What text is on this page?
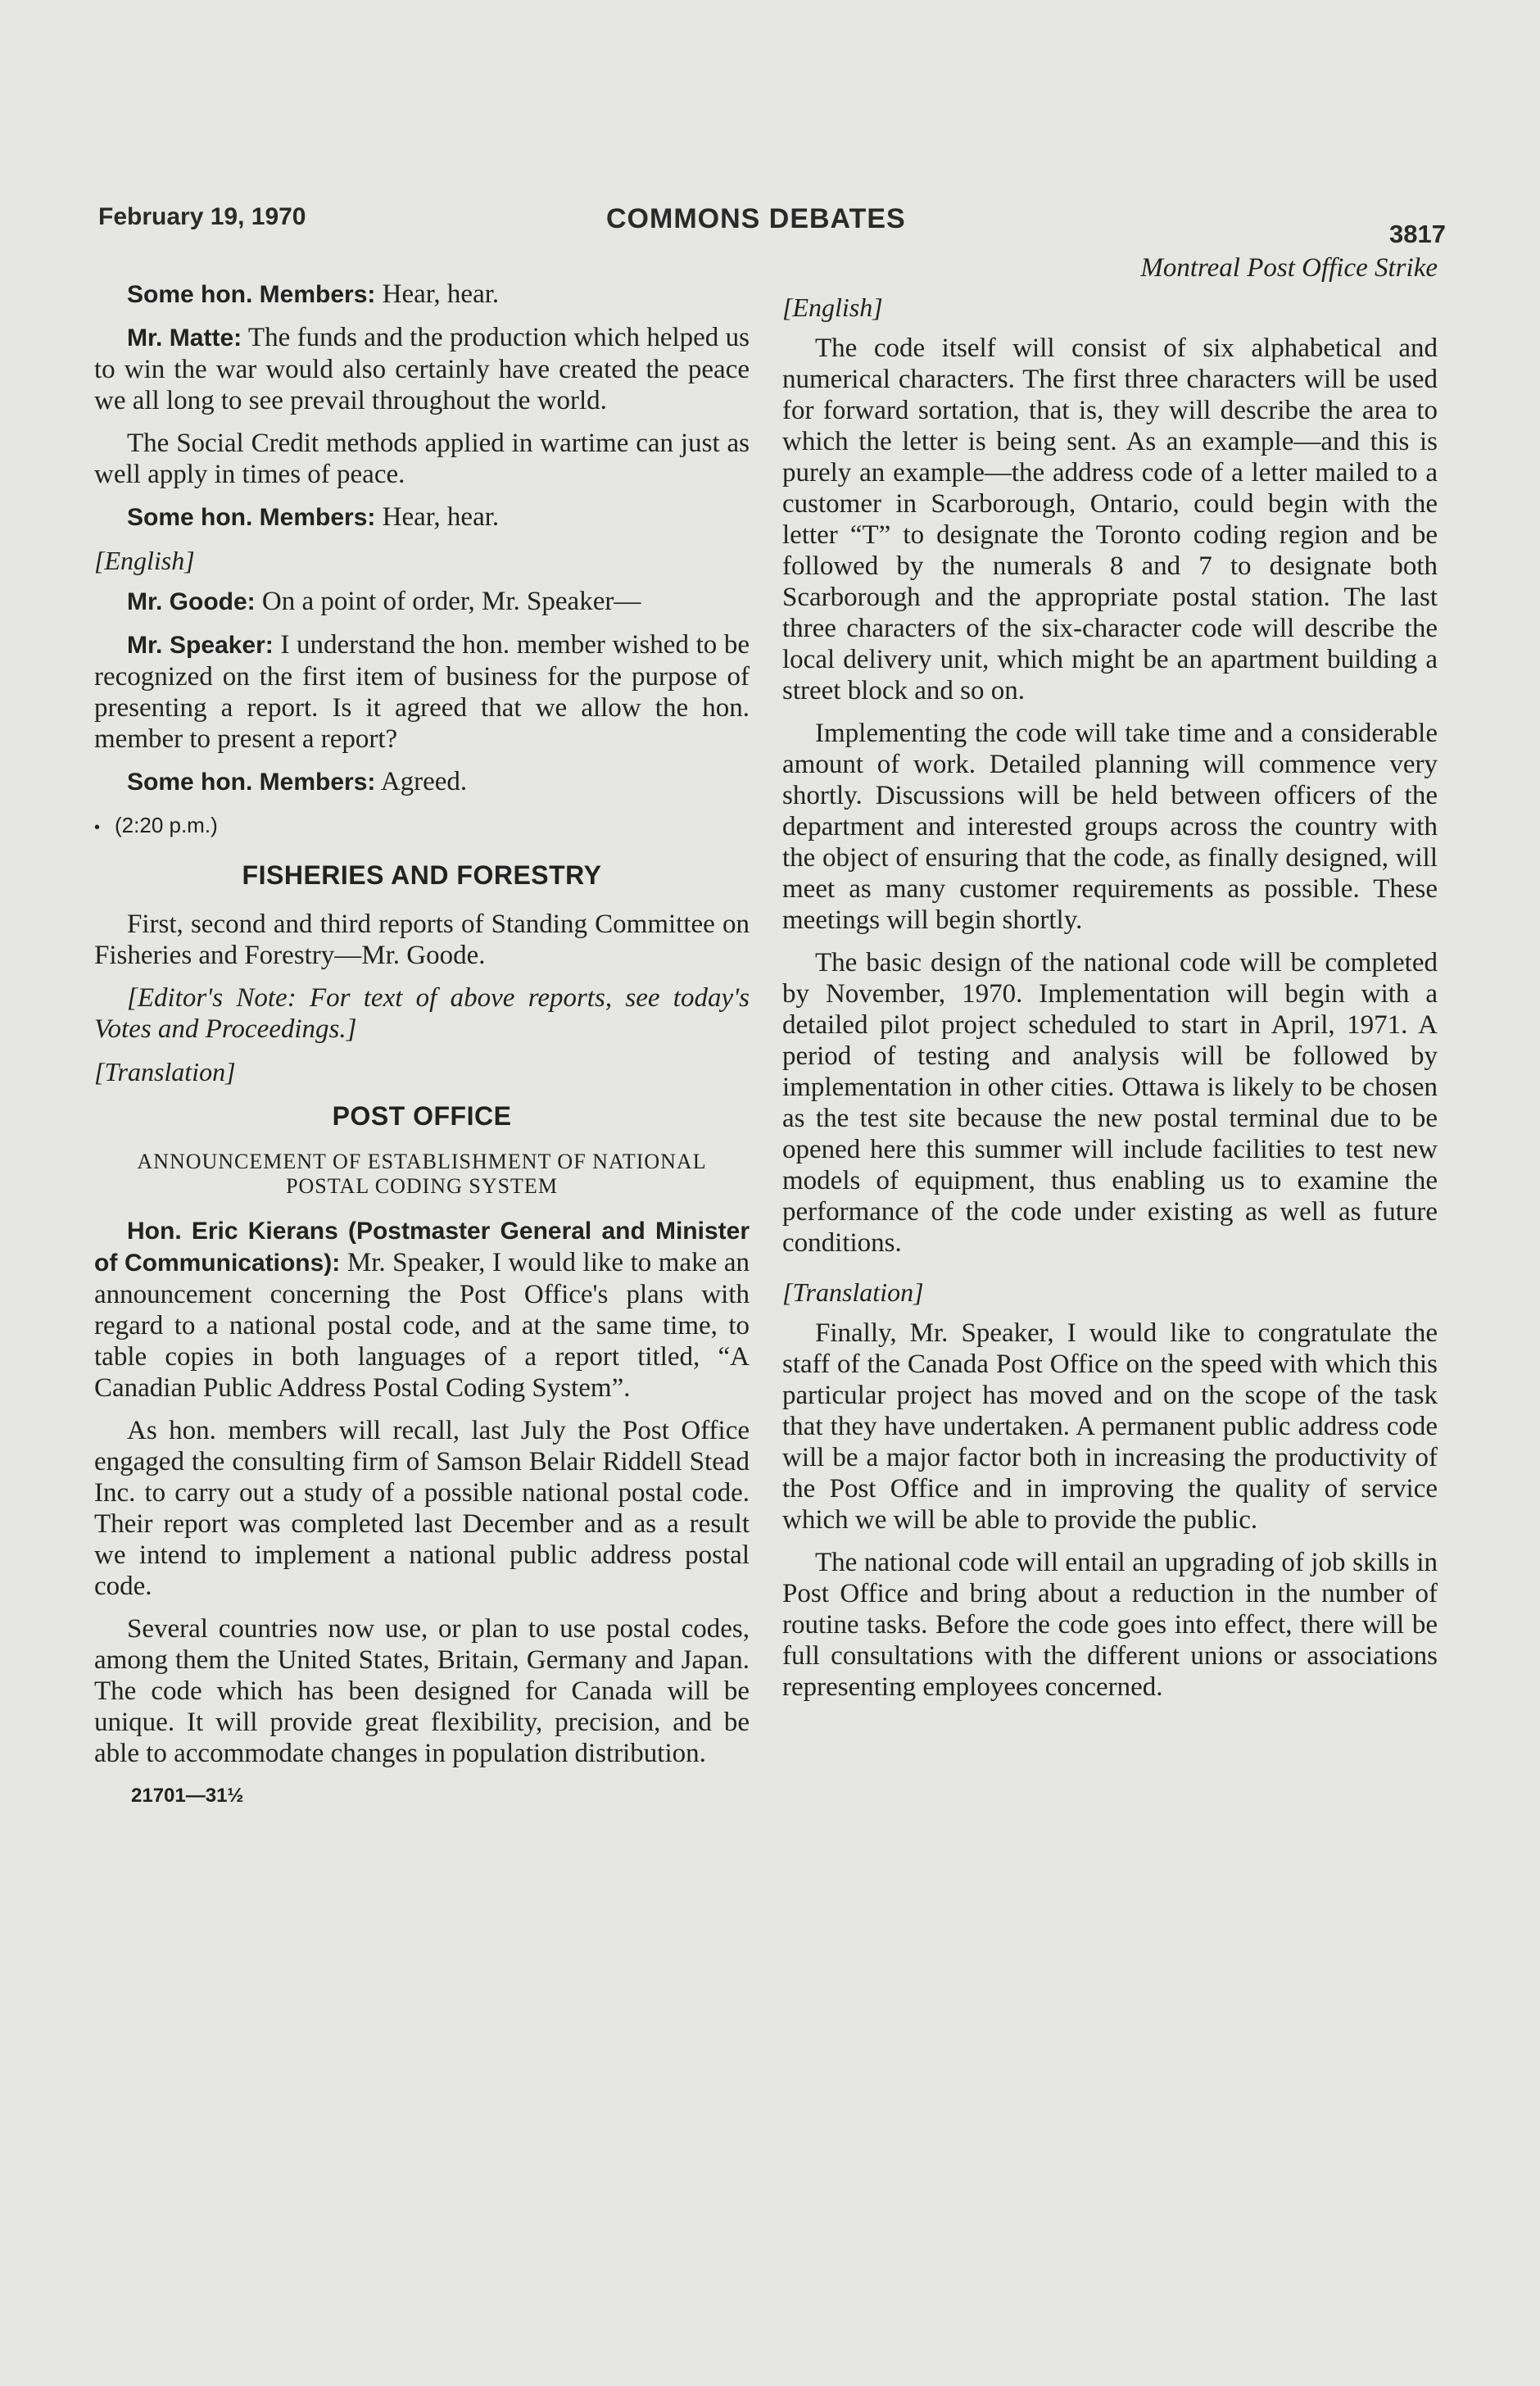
February 19, 1970	COMMONS DEBATES	3817

Some hon. Members: Hear, hear.

Mr. Matte: The funds and the production which helped us to win the war would also certainly have created the peace we all long to see prevail throughout the world.

The Social Credit methods applied in wartime can just as well apply in times of peace.

Some hon. Members: Hear, hear.

[English]

Mr. Goode: On a point of order, Mr. Speaker—

Mr. Speaker: I understand the hon. member wished to be recognized on the first item of business for the purpose of presenting a report. Is it agreed that we allow the hon. member to present a report?

Some hon. Members: Agreed.

• (2:20 p.m.)
FISHERIES AND FORESTRY

First, second and third reports of Standing Committee on Fisheries and Forestry—Mr. Goode.

[Editor's Note: For text of above reports, see today's Votes and Proceedings.]

[Translation]
POST OFFICE
ANNOUNCEMENT OF ESTABLISHMENT OF NATIONAL POSTAL CODING SYSTEM

Hon. Eric Kierans (Postmaster General and Minister of Communications): Mr. Speaker, I would like to make an announcement concerning the Post Office's plans with regard to a national postal code, and at the same time, to table copies in both languages of a report titled, “A Canadian Public Address Postal Coding System”.

As hon. members will recall, last July the Post Office engaged the consulting firm of Samson Belair Riddell Stead Inc. to carry out a study of a possible national postal code. Their report was completed last December and as a result we intend to implement a national public address postal code.

Several countries now use, or plan to use postal codes, among them the United States, Britain, Germany and Japan. The code which has been designed for Canada will be unique. It will provide great flexibility, precision, and be able to accommodate changes in population distribution.

21701—31½
Montreal Post Office Strike
[English]

The code itself will consist of six alphabetical and numerical characters. The first three characters will be used for forward sortation, that is, they will describe the area to which the letter is being sent. As an example—and this is purely an example—the address code of a letter mailed to a customer in Scarborough, Ontario, could begin with the letter “T” to designate the Toronto coding region and be followed by the numerals 8 and 7 to designate both Scarborough and the appropriate postal station. The last three characters of the six-character code will describe the local delivery unit, which might be an apartment building a street block and so on.

Implementing the code will take time and a considerable amount of work. Detailed planning will commence very shortly. Discussions will be held between officers of the department and interested groups across the country with the object of ensuring that the code, as finally designed, will meet as many customer requirements as possible. These meetings will begin shortly.

The basic design of the national code will be completed by November, 1970. Implementation will begin with a detailed pilot project scheduled to start in April, 1971. A period of testing and analysis will be followed by implementation in other cities. Ottawa is likely to be chosen as the test site because the new postal terminal due to be opened here this summer will include facilities to test new models of equipment, thus enabling us to examine the performance of the code under existing as well as future conditions.

[Translation]

Finally, Mr. Speaker, I would like to congratulate the staff of the Canada Post Office on the speed with which this particular project has moved and on the scope of the task that they have undertaken. A permanent public address code will be a major factor both in increasing the productivity of the Post Office and in improving the quality of service which we will be able to provide the public.

The national code will entail an upgrading of job skills in Post Office and bring about a reduction in the number of routine tasks. Before the code goes into effect, there will be full consultations with the different unions or associations representing employees concerned.
